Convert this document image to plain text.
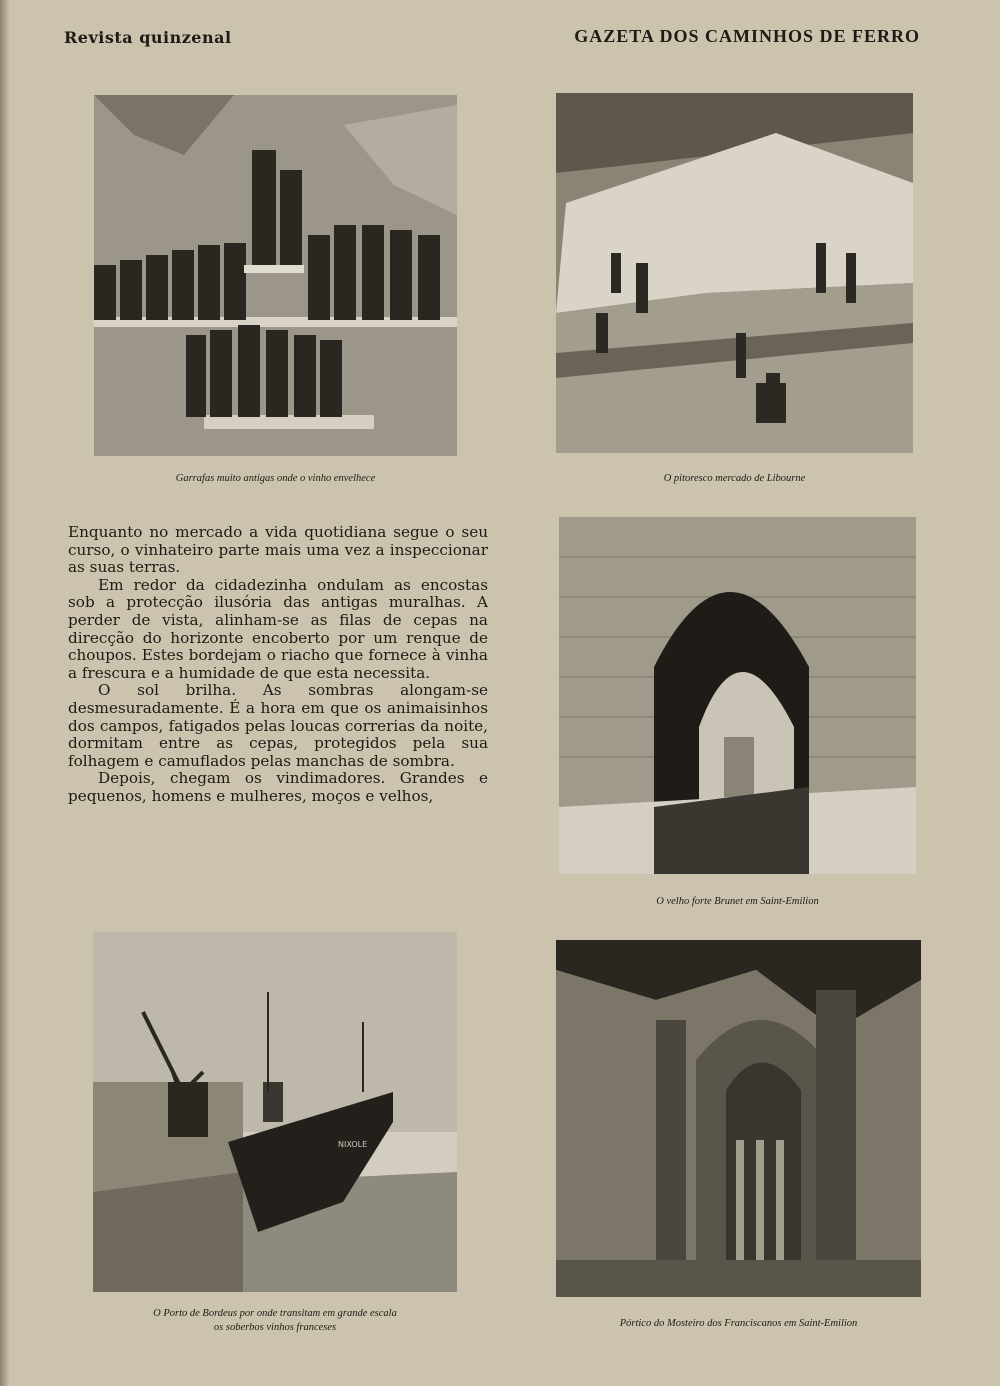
Revista quinzenal	GAZETA DOS CAMINHOS DE FERRO
Garrafas muito antigas onde o vinho envelhece	O pitoresco mercado de Libourne

Enquanto no mercado a vida quotidiana segue o seu curso, o vinhateiro parte mais uma vez a inspeccionar as suas terras.

Em redor da cidadezinha ondulam as encostas sob a protecção ilusória das antigas muralhas. A perder de vista, alinham-se as filas de cepas na direcção do horizonte encoberto por um renque de choupos. Estes bordejam o riacho que fornece à vinha a frescura e a humidade de que esta necessita.

O sol brilha. As sombras alongam-se desmesuradamente. É a hora em que os animaisinhos dos campos, fatigados pelas loucas correrias da noite, dormitam entre as cepas, protegidos pela sua folhagem e camuflados pelas manchas de sombra.

Depois, chegam os vindimadores. Grandes e pequenos, homens e mulheres, moços e velhos,

O velho forte Brunet em Saint-Emilion
NIXOLE
O Porto de Bordeus por onde transitam em grande escala
os soberbos vinhos franceses	Pórtico do Mosteiro dos Franciscanos em Saint-Emilion
